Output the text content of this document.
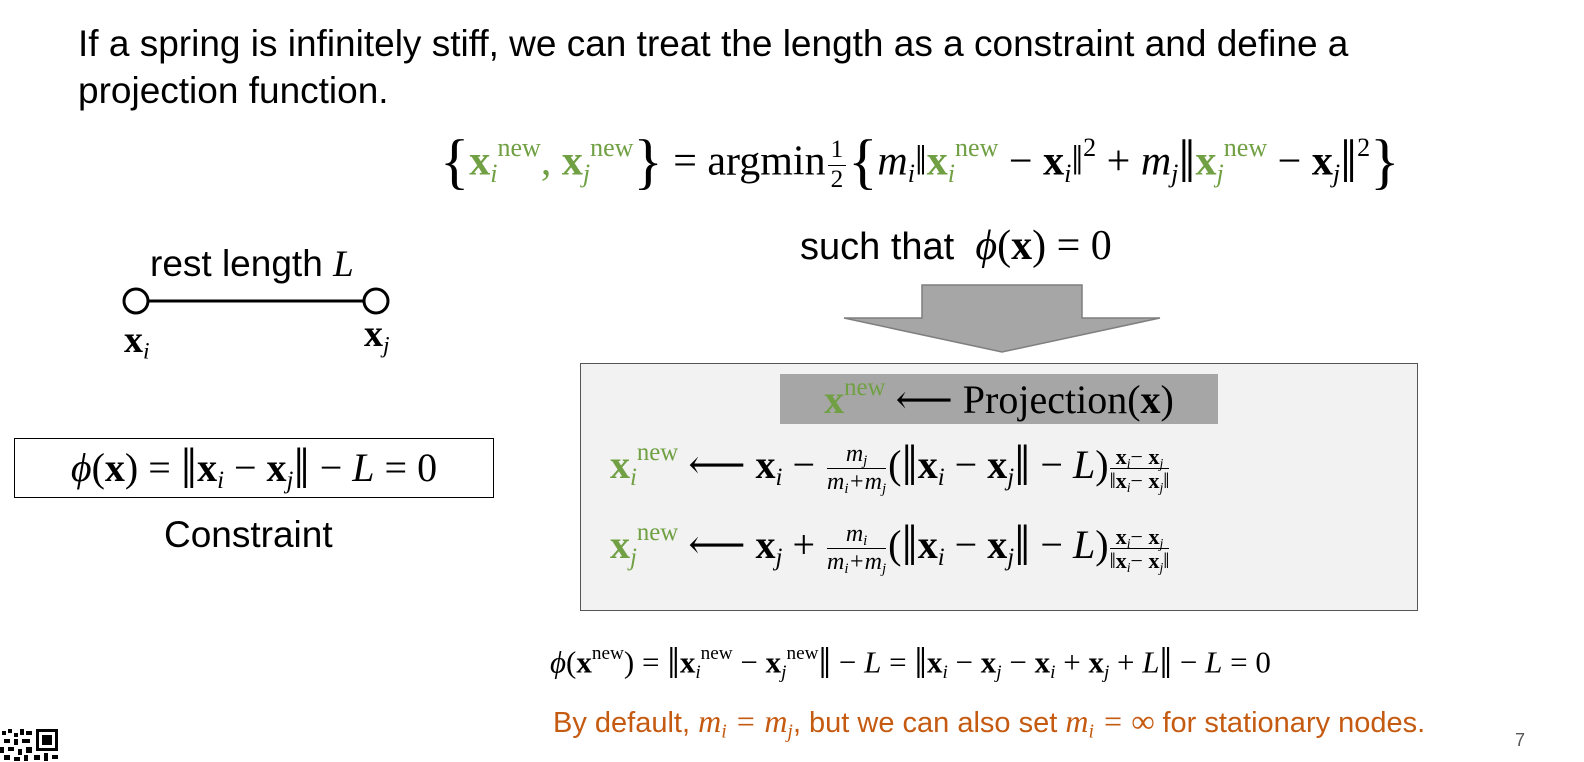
If a spring is infinitely stiff, we can treat the length as a constraint and define a projection function.
{$x_i^{new}$, $x_j^{new}\} = argmin \frac{1}{2}$ {$m_i‖x_i^{new}$ − $x_i‖^2$ + $m_j‖x_j^{new}$ − $x_j‖^2$}
such that ϕ(x) = 0
rest length L
$x_i$	$x_j$
$\phi(x) = ‖x_i$ − $x_j‖ - L = 0$
Constraint
$x^{new}$ ⟵ Projection(x)
$x_i^{new}$ ⟵ $x_i - \frac{m_j}{m_i+m_j}$ ($‖x_i$ − $x_j‖ - L) \frac{x_i- x_j}{‖x_i- x_j‖}$
$x_j^{new}$ ⟵ $x_j + \frac{m_i}{m_i+m_j}$ ($‖x_i$ − $x_j‖ - L) \frac{x_i- x_j}{‖x_i- x_j‖}$
$\phi(x^{new})$ = $‖x_i^{new}$ − $x_j^{new}‖ - L$ = $‖x_i - x_j - x_i + x_j$ + L‖ − L = 0
By default, $m_i = m_j$, but we can also set $m_i$ = ∞ for stationary nodes.
7
